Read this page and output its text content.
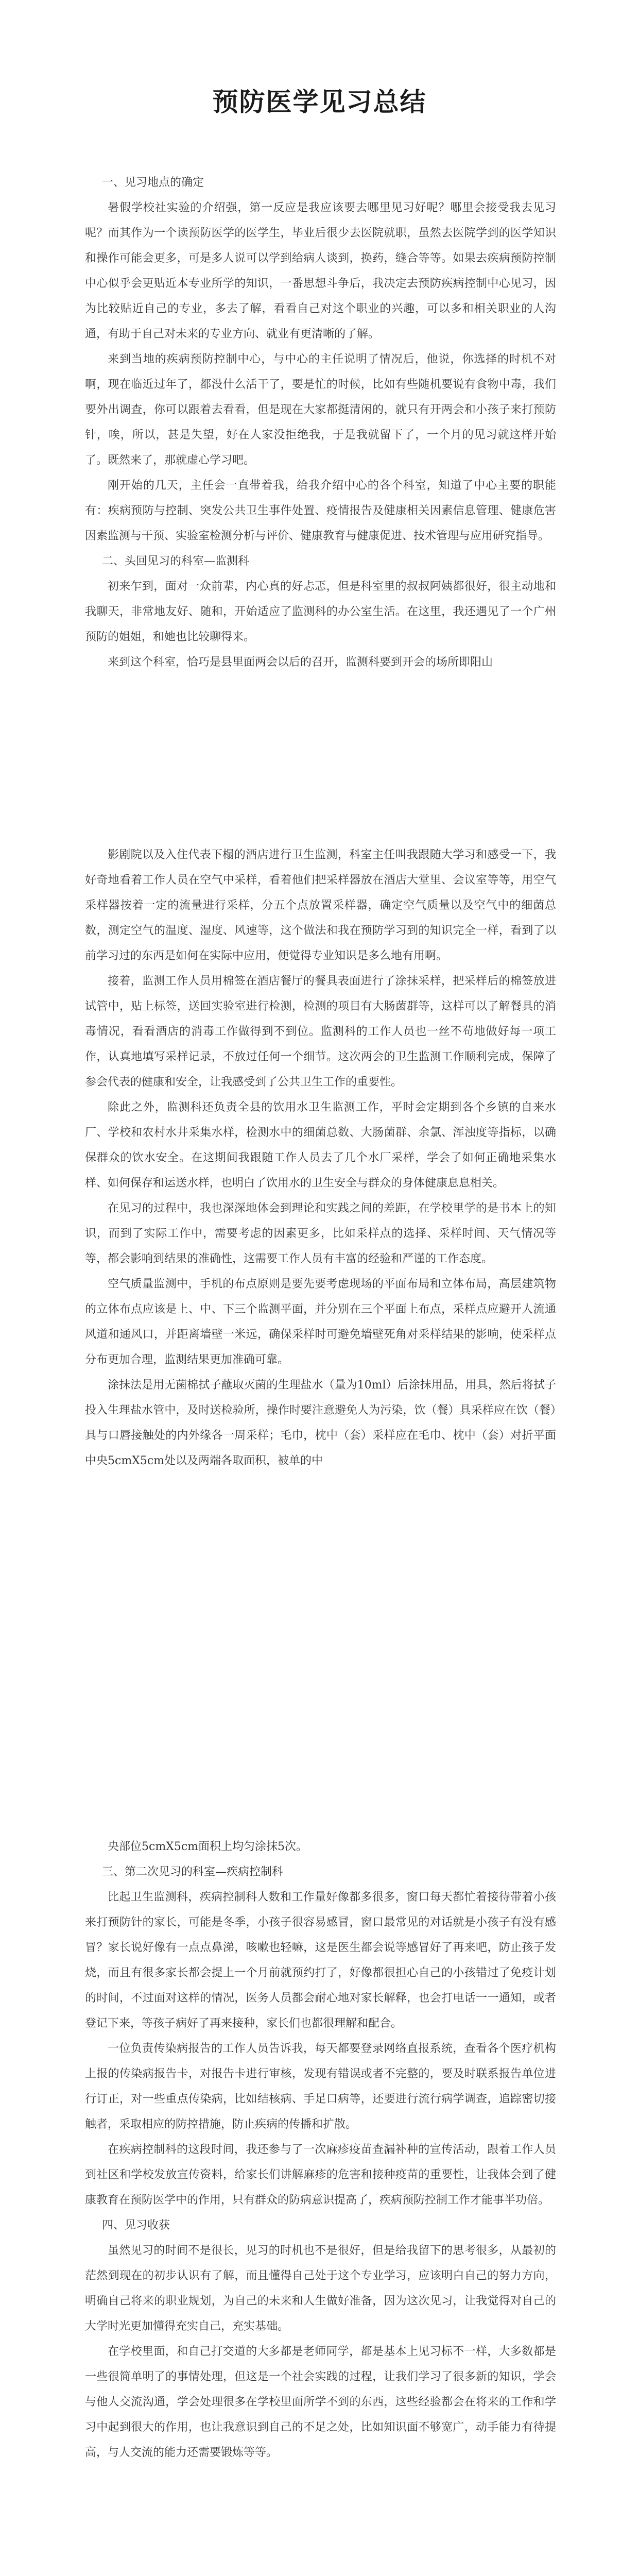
预防医学见习总结

一、见习地点的确定

暑假学校社实验的介绍强，第一反应是我应该要去哪里见习好呢？哪里会接受我去见习呢？而其作为一个读预防医学的医学生，毕业后很少去医院就职，虽然去医院学到的医学知识和操作可能会更多，可是多人说可以学到给病人谈到，换药，缝合等等。如果去疾病预防控制中心似乎会更贴近本专业所学的知识，一番思想斗争后，我决定去预防疾病控制中心见习，因为比较贴近自己的专业，多去了解，看看自己对这个职业的兴趣，可以多和相关职业的人沟通，有助于自己对未来的专业方向、就业有更清晰的了解。

来到当地的疾病预防控制中心，与中心的主任说明了情况后，他说，你选择的时机不对啊，现在临近过年了，都没什么活干了，要是忙的时候，比如有些随机要说有食物中毒，我们要外出调查，你可以跟着去看看，但是现在大家都挺清闲的，就只有开两会和小孩子来打预防针，唉，所以，甚是失望，好在人家没拒绝我，于是我就留下了，一个月的见习就这样开始了。既然来了，那就虚心学习吧。

刚开始的几天，主任会一直带着我，给我介绍中心的各个科室，知道了中心主要的职能有：疾病预防与控制、突发公共卫生事件处置、疫情报告及健康相关因素信息管理、健康危害因素监测与干预、实验室检测分析与评价、健康教育与健康促进、技术管理与应用研究指导。

二、头回见习的科室—监测科

初来乍到，面对一众前辈，内心真的好忐忑，但是科室里的叔叔阿姨都很好，很主动地和我聊天，非常地友好、随和，开始适应了监测科的办公室生活。在这里，我还遇见了一个广州预防的姐姐，和她也比较聊得来。

来到这个科室，恰巧是县里面两会以后的召开，监测科要到开会的场所即阳山

影剧院以及入住代表下榻的酒店进行卫生监测，科室主任叫我跟随大学习和感受一下，我好奇地看着工作人员在空气中采样，看着他们把采样器放在酒店大堂里、会议室等等，用空气采样器按着一定的流量进行采样，分五个点放置采样器，确定空气质量以及空气中的细菌总数，测定空气的温度、湿度、风速等，这个做法和我在预防学习到的知识完全一样，看到了以前学习过的东西是如何在实际中应用，便觉得专业知识是多么地有用啊。

接着，监测工作人员用棉签在酒店餐厅的餐具表面进行了涂抹采样，把采样后的棉签放进试管中，贴上标签，送回实验室进行检测，检测的项目有大肠菌群等，这样可以了解餐具的消毒情况，看看酒店的消毒工作做得到不到位。监测科的工作人员也一丝不苟地做好每一项工作，认真地填写采样记录，不放过任何一个细节。这次两会的卫生监测工作顺利完成，保障了参会代表的健康和安全，让我感受到了公共卫生工作的重要性。

除此之外，监测科还负责全县的饮用水卫生监测工作，平时会定期到各个乡镇的自来水厂、学校和农村水井采集水样，检测水中的细菌总数、大肠菌群、余氯、浑浊度等指标，以确保群众的饮水安全。在这期间我跟随工作人员去了几个水厂采样，学会了如何正确地采集水样、如何保存和运送水样，也明白了饮用水的卫生安全与群众的身体健康息息相关。

在见习的过程中，我也深深地体会到理论和实践之间的差距，在学校里学的是书本上的知识，而到了实际工作中，需要考虑的因素更多，比如采样点的选择、采样时间、天气情况等等，都会影响到结果的准确性，这需要工作人员有丰富的经验和严谨的工作态度。

空气质量监测中，手机的布点原则是要先要考虑现场的平面布局和立体布局，高层建筑物的立体布点应该是上、中、下三个监测平面，并分别在三个平面上布点，采样点应避开人流通风道和通风口，并距离墙壁一米远，确保采样时可避免墙壁死角对采样结果的影响，使采样点分布更加合理，监测结果更加准确可靠。

涂抹法是用无菌棉拭子蘸取灭菌的生理盐水（量为10ml）后涂抹用品，用具，然后将拭子投入生理盐水管中，及时送检验所，操作时要注意避免人为污染，饮（餐）具采样应在饮（餐）具与口唇接触处的内外缘各一周采样；毛巾，枕中（套）采样应在毛巾、枕中（套）对折平面中央5cmX5cm处以及两端各取面积，被单的中

央部位5cmX5cm面积上均匀涂抹5次。

三、第二次见习的科室—疾病控制科

比起卫生监测科，疾病控制科人数和工作量好像都多很多，窗口每天都忙着接待带着小孩来打预防针的家长，可能是冬季，小孩子很容易感冒，窗口最常见的对话就是小孩子有没有感冒？家长说好像有一点点鼻涕，咳嗽也轻嘛，这是医生都会说等感冒好了再来吧，防止孩子发烧，而且有很多家长都会提上一个月前就预约打了，好像都很担心自己的小孩错过了免疫计划的时间，不过面对这样的情况，医务人员都会耐心地对家长解释，也会打电话一一通知，或者登记下来，等孩子病好了再来接种，家长们也都很理解和配合。

一位负责传染病报告的工作人员告诉我，每天都要登录网络直报系统，查看各个医疗机构上报的传染病报告卡，对报告卡进行审核，发现有错误或者不完整的，要及时联系报告单位进行订正，对一些重点传染病，比如结核病、手足口病等，还要进行流行病学调查，追踪密切接触者，采取相应的防控措施，防止疾病的传播和扩散。

在疾病控制科的这段时间，我还参与了一次麻疹疫苗查漏补种的宣传活动，跟着工作人员到社区和学校发放宣传资料，给家长们讲解麻疹的危害和接种疫苗的重要性，让我体会到了健康教育在预防医学中的作用，只有群众的防病意识提高了，疾病预防控制工作才能事半功倍。

四、见习收获

虽然见习的时间不是很长，见习的时机也不是很好，但是给我留下的思考很多，从最初的茫然到现在的初步认识有了解，而且懂得自己处于这个专业学习，应该明白自己的努力方向，明确自己将来的职业规划，为自己的未来和人生做好准备，因为这次见习，让我觉得对自己的大学时光更加懂得充实自己，充实基础。

在学校里面，和自己打交道的大多都是老师同学，都是基本上见习标不一样，大多数都是一些很简单明了的事情处理，但这是一个社会实践的过程，让我们学习了很多新的知识，学会与他人交流沟通，学会处理很多在学校里面所学不到的东西，这些经验都会在将来的工作和学习中起到很大的作用，也让我意识到自己的不足之处，比如知识面不够宽广，动手能力有待提高，与人交流的能力还需要锻炼等等。
